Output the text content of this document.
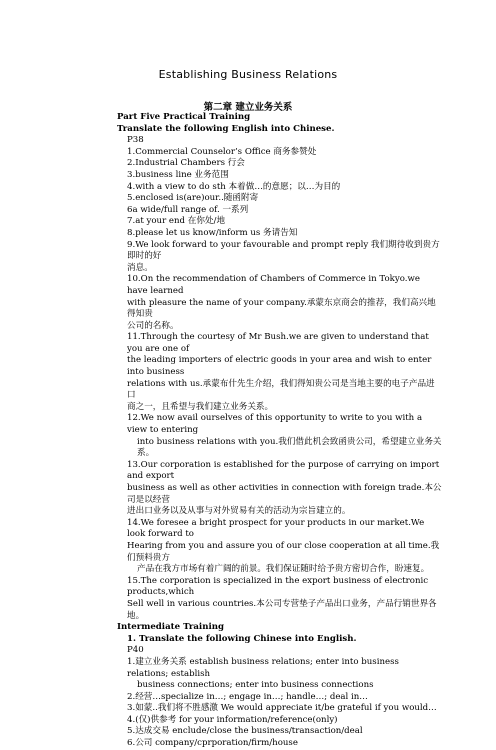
Establishing Business Relations
第二章 建立业务关系

Part Five Practical Training

Translate the following English into Chinese.

P38

1.Commercial Counselor’s Office 商务参赞处

2.Industrial Chambers 行会

3.business line 业务范围

4.with a view to do sth 本着做…的意愿；以…为目的

5.enclosed is(are)our..随函附寄

6a wide/full range of. 一系列

7.at your end 在你处/地

8.please let us know/inform us 务请告知

9.We look forward to your favourable and prompt reply 我们期待收到贵方即时的好

消息。

10.On the recommendation of Chambers of Commerce in Tokyo.we have learned

with pleasure the name of your company.承蒙东京商会的推荐，我们高兴地得知贵

公司的名称。

11.Through the courtesy of Mr Bush.we are given to understand that you are one of

the leading importers of electric goods in your area and wish to enter into business

relations with us.承蒙布什先生介绍，我们得知贵公司是当地主要的电子产品进口

商之一，且希望与我们建立业务关系。

12.We now avail ourselves of this opportunity to write to you with a view to entering

into business relations with you.我们借此机会致函贵公司，希望建立业务关系。

13.Our corporation is established for the purpose of carrying on import and export

business as well as other activities in connection with foreign trade.本公司是以经营

进出口业务以及从事与对外贸易有关的活动为宗旨建立的。

14.We foresee a bright prospect for your products in our market.We look forward to

Hearing from you and assure you of our close cooperation at all time.我们预料贵方

产品在我方市场有着广阔的前景。我们保证随时给予贵方密切合作，盼速复。

15.The corporation is specialized in the export business of electronic products,which

Sell well in various countries.本公司专营垫子产品出口业务，产品行销世界各地。

Intermediate Training

1. Translate the following Chinese into English.

P40

1.建立业务关系 establish business relations; enter into business relations; establish

business connections; enter into business connections

2.经营…specialize in…; engage in…; handle…; deal in…

3.如蒙..我们将不胜感激 We would appreciate it/be grateful if you would…

4.(仅)供参考 for your information/reference(only)

5.达成交易 enclude/close the business/transaction/deal

6.公司 company/cprporation/firm/house
